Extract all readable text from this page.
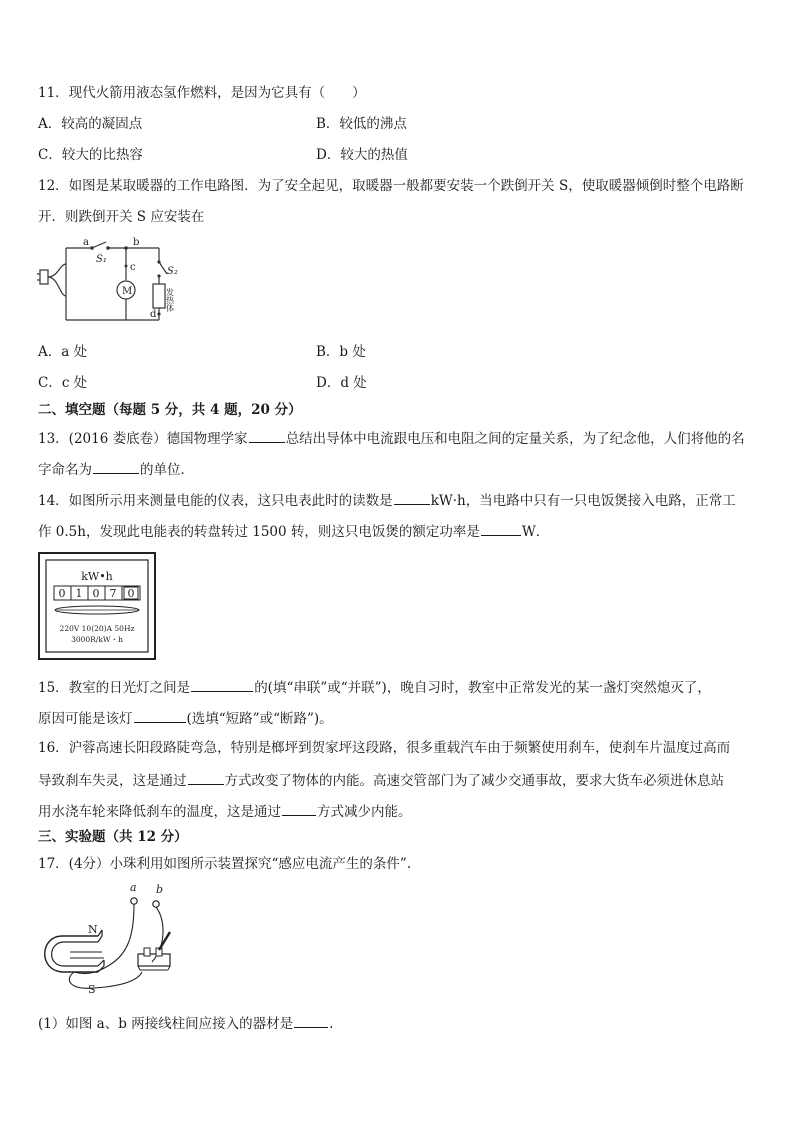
11．现代火箭用液态氢作燃料，是因为它具有（　　）
A．较高的凝固点	B．较低的沸点
C．较大的比热容	D．较大的热值
12．如图是某取暖器的工作电路图．为了安全起见，取暖器一般都要安装一个跌倒开关 S，使取暖器倾倒时整个电路断
开．则跌倒开关 S 应安装在
a
S₁
b
c
M
S₂
发热体
d
A．a 处	B．b 处
C．c 处	D．d 处
二、填空题（每题 5 分，共 4 题，20 分）
13．(2016 娄底卷）德国物理学家	总结出导体中电流跟电压和电阻之间的定量关系，为了纪念他，人们将他的名
字命名为	的单位．
14．如图所示用来测量电能的仪表，这只电表此时的读数是	kW·h，当电路中只有一只电饭煲接入电路，正常工
作 0.5h，发现此电能表的转盘转过 1500 转，则这只电饭煲的额定功率是	W．
kW•h
0 1 0 7 0
220V 10(20)A 50Hz
3000R/kW・h
15．教室的日光灯之间是	的(填“串联”或“并联”)，晚自习时，教室中正常发光的某一盏灯突然熄灭了，
原因可能是该灯	(选填“短路”或“断路”)。
16．沪蓉高速长阳段路陡弯急，特别是榔坪到贺家坪这段路，很多重载汽车由于频繁使用刹车，使刹车片温度过高而
导致刹车失灵，这是通过	方式改变了物体的内能。高速交管部门为了减少交通事故，要求大货车必须进休息站
用水浇车轮来降低刹车的温度，这是通过	方式减少内能。
三、实验题（共 12 分）
17．(4分）小珠利用如图所示装置探究“感应电流产生的条件”.
a b
N
S
(1）如图 a、b 两接线柱间应接入的器材是	.
